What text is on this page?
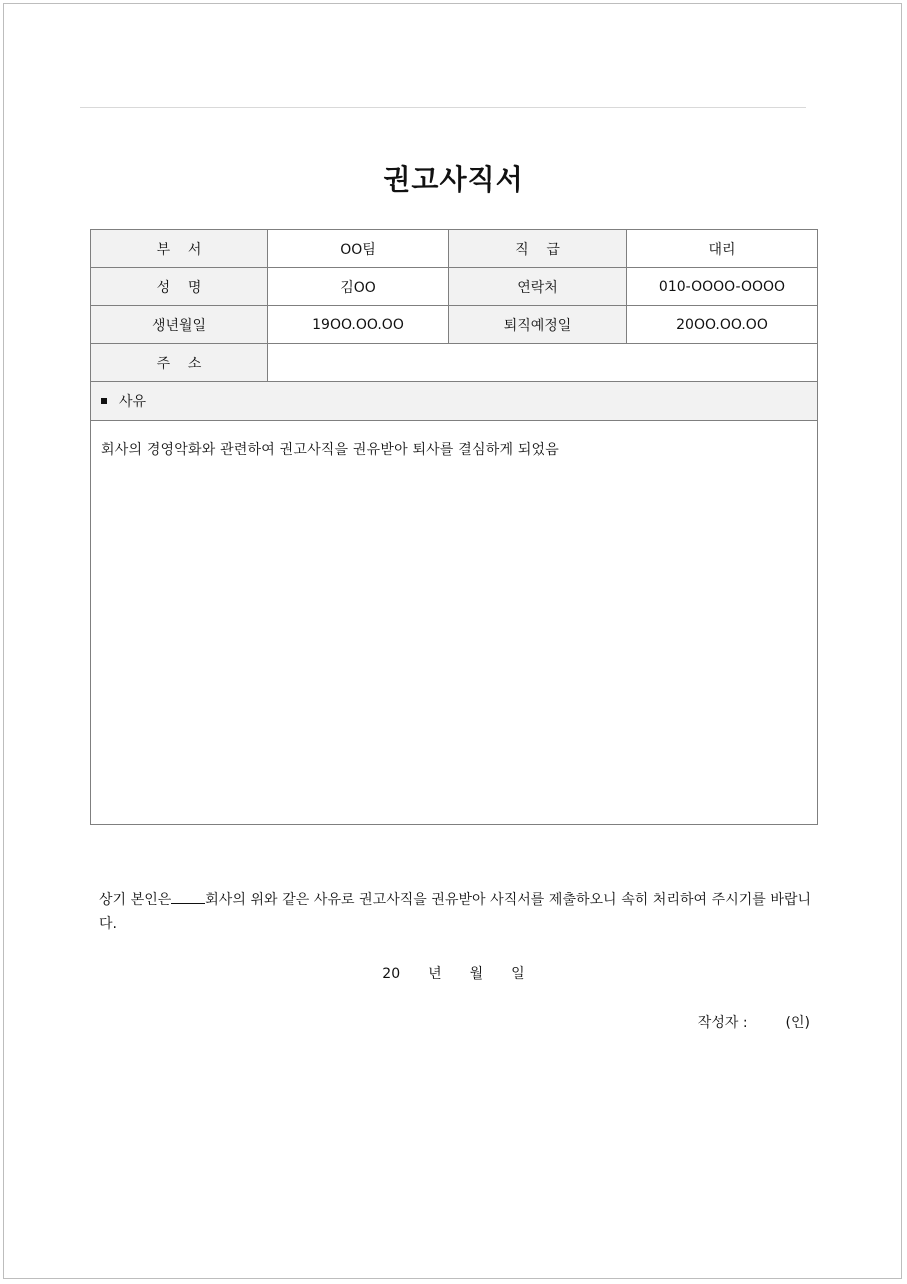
권고사직서
부    서	OO팀	직    급	대리
성    명	김OO	연락처	010-OOOO-OOOO
생년월일	19OO.OO.OO	퇴직예정일	20OO.OO.OO
주    소			
사유			
회사의 경영악화와 관련하여 권고사직을 권유받아 퇴사를 결심하게 되었음			
상기 본인은 회사의 위와 같은 사유로 권고사직을 권유받아 사직서를 제출하오니 속히 처리하여 주시기를 바랍니다.
20 년 월 일
작성자 :	(인)
